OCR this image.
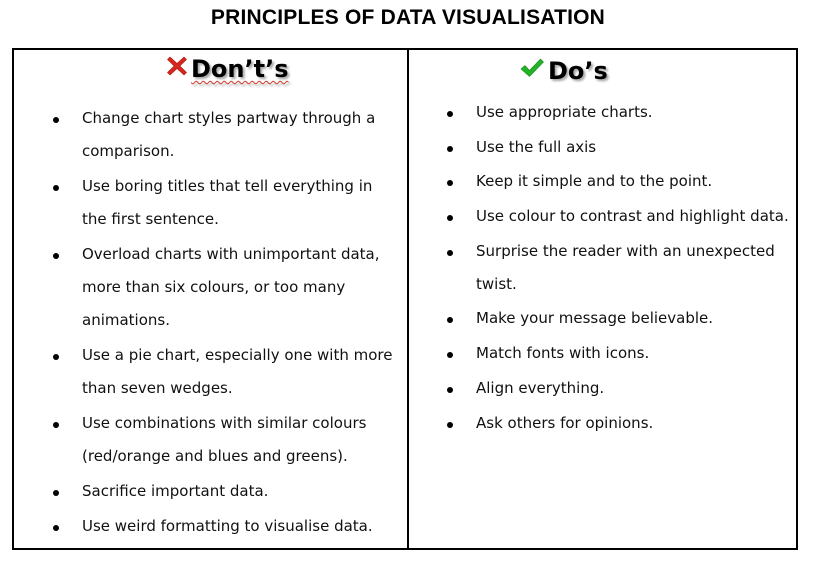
PRINCIPLES OF DATA VISUALISATION
Don’t’s
Change chart styles partway through a comparison.
Use boring titles that tell everything in the first sentence.
Overload charts with unimportant data, more than six colours, or too many animations.
Use a pie chart, especially one with more than seven wedges.
Use combinations with similar colours (red/orange and blues and greens).
Sacrifice important data.
Use weird formatting to visualise data.
Do’s
Use appropriate charts.
Use the full axis
Keep it simple and to the point.
Use colour to contrast and highlight data.
Surprise the reader with an unexpected twist.
Make your message believable.
Match fonts with icons.
Align everything.
Ask others for opinions.
